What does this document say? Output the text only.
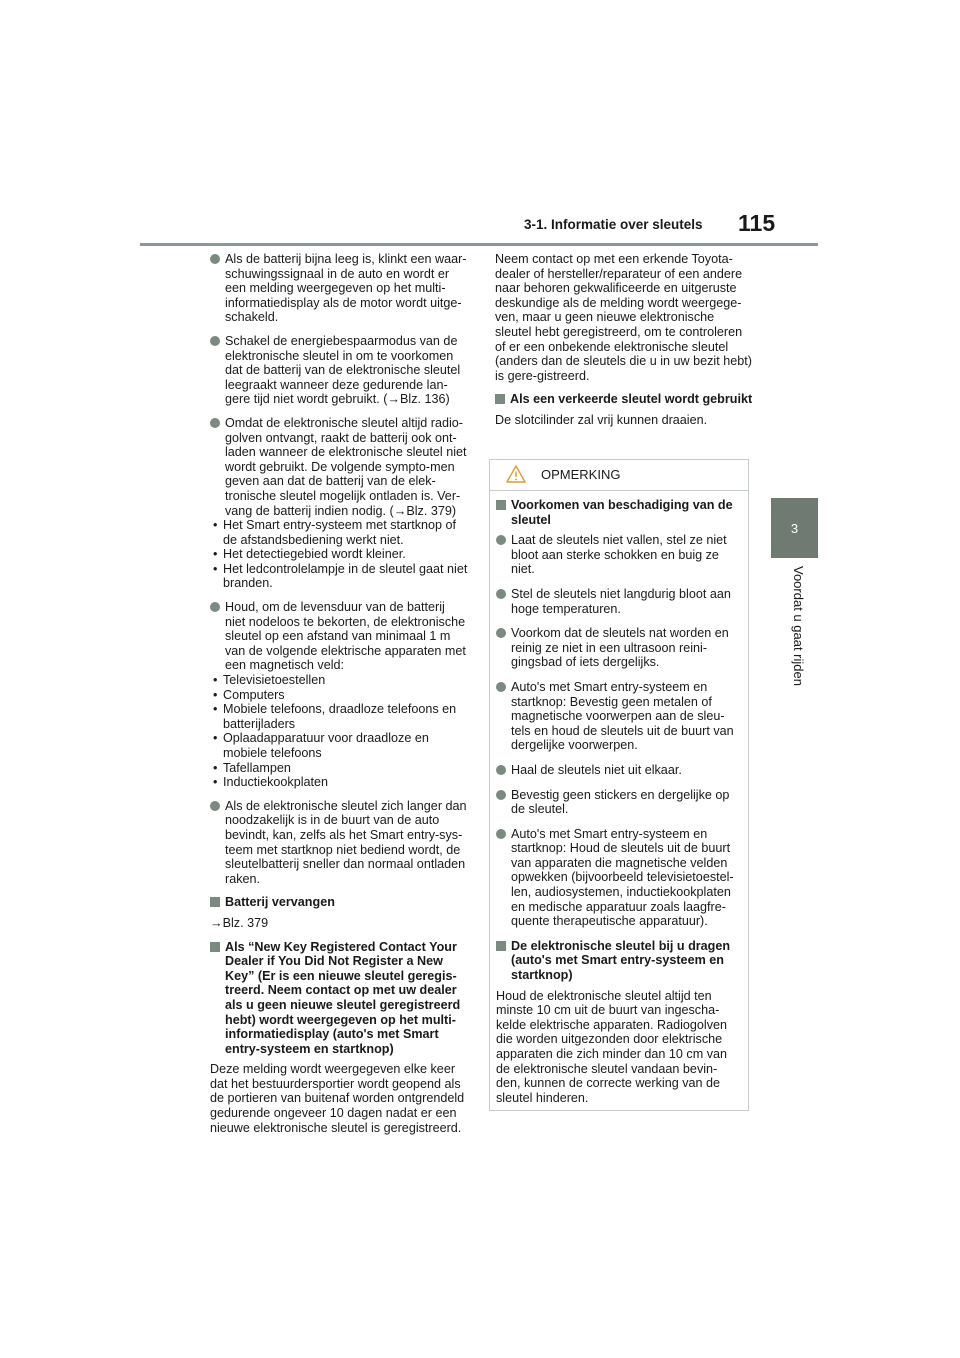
3-1. Informatie over sleutels 115
3
Voordat u gaat rijden
Als de batterij bijna leeg is, klinkt een waar-schuwingssignaal in de auto en wordt er een melding weergegeven op het multi-informatiedisplay als de motor wordt uitge-schakeld.
Schakel de energiebespaarmodus van de elektronische sleutel in om te voorkomen dat de batterij van de elektronische sleutel leegraakt wanneer deze gedurende lan-gere tijd niet wordt gebruikt. (→Blz. 136)
Omdat de elektronische sleutel altijd radio-golven ontvangt, raakt de batterij ook ont-laden wanneer de elektronische sleutel niet wordt gebruikt. De volgende sympto-men geven aan dat de batterij van de elek-tronische sleutel mogelijk ontladen is. Ver-vang de batterij indien nodig. (→Blz. 379)
• Het Smart entry-systeem met startknop of de afstandsbediening werkt niet.
• Het detectiegebied wordt kleiner.
• Het ledcontrolelampje in de sleutel gaat niet branden.
Houd, om de levensduur van de batterij niet nodeloos te bekorten, de elektronische sleutel op een afstand van minimaal 1 m van de volgende elektrische apparaten met een magnetisch veld:
• Televisietoestellen
• Computers
• Mobiele telefoons, draadloze telefoons en batterijladers
• Oplaadapparatuur voor draadloze en mobiele telefoons
• Tafellampen
• Inductiekookplaten
Als de elektronische sleutel zich langer dan noodzakelijk is in de buurt van de auto bevindt, kan, zelfs als het Smart entry-sys-teem met startknop niet bediend wordt, de sleutelbatterij sneller dan normaal ontladen raken.
Batterij vervangen

→Blz. 379

Als “New Key Registered Contact Your Dealer if You Did Not Register a New Key” (Er is een nieuwe sleutel geregis-treerd. Neem contact op met uw dealer als u geen nieuwe sleutel geregistreerd hebt) wordt weergegeven op het multi-informatiedisplay (auto's met Smart entry-systeem en startknop)

Deze melding wordt weergegeven elke keer dat het bestuurdersportier wordt geopend als de portieren van buitenaf worden ontgrendeld gedurende ongeveer 10 dagen nadat er een nieuwe elektronische sleutel is geregistreerd.

Neem contact op met een erkende Toyota-dealer of hersteller/reparateur of een andere naar behoren gekwalificeerde en uitgeruste deskundige als de melding wordt weergege-ven, maar u geen nieuwe elektronische sleutel hebt geregistreerd, om te controleren of er een onbekende elektronische sleutel (anders dan de sleutels die u in uw bezit hebt) is gere-gistreerd.

Als een verkeerde sleutel wordt gebruikt

De slotcilinder zal vrij kunnen draaien.

OPMERKING
Voorkomen van beschadiging van de sleutel
Laat de sleutels niet vallen, stel ze niet bloot aan sterke schokken en buig ze niet.
Stel de sleutels niet langdurig bloot aan hoge temperaturen.
Voorkom dat de sleutels nat worden en reinig ze niet in een ultrasoon reini-gingsbad of iets dergelijks.
Auto's met Smart entry-systeem en startknop: Bevestig geen metalen of magnetische voorwerpen aan de sleu-tels en houd de sleutels uit de buurt van dergelijke voorwerpen.
Haal de sleutels niet uit elkaar.
Bevestig geen stickers en dergelijke op de sleutel.
Auto's met Smart entry-systeem en startknop: Houd de sleutels uit de buurt van apparaten die magnetische velden opwekken (bijvoorbeeld televisietoestel-len, audiosystemen, inductiekookplaten en medische apparatuur zoals laagfre-quente therapeutische apparatuur).
De elektronische sleutel bij u dragen (auto's met Smart entry-systeem en startknop)

Houd de elektronische sleutel altijd ten minste 10 cm uit de buurt van ingescha-kelde elektrische apparaten. Radiogolven die worden uitgezonden door elektrische apparaten die zich minder dan 10 cm van de elektronische sleutel vandaan bevin-den, kunnen de correcte werking van de sleutel hinderen.
